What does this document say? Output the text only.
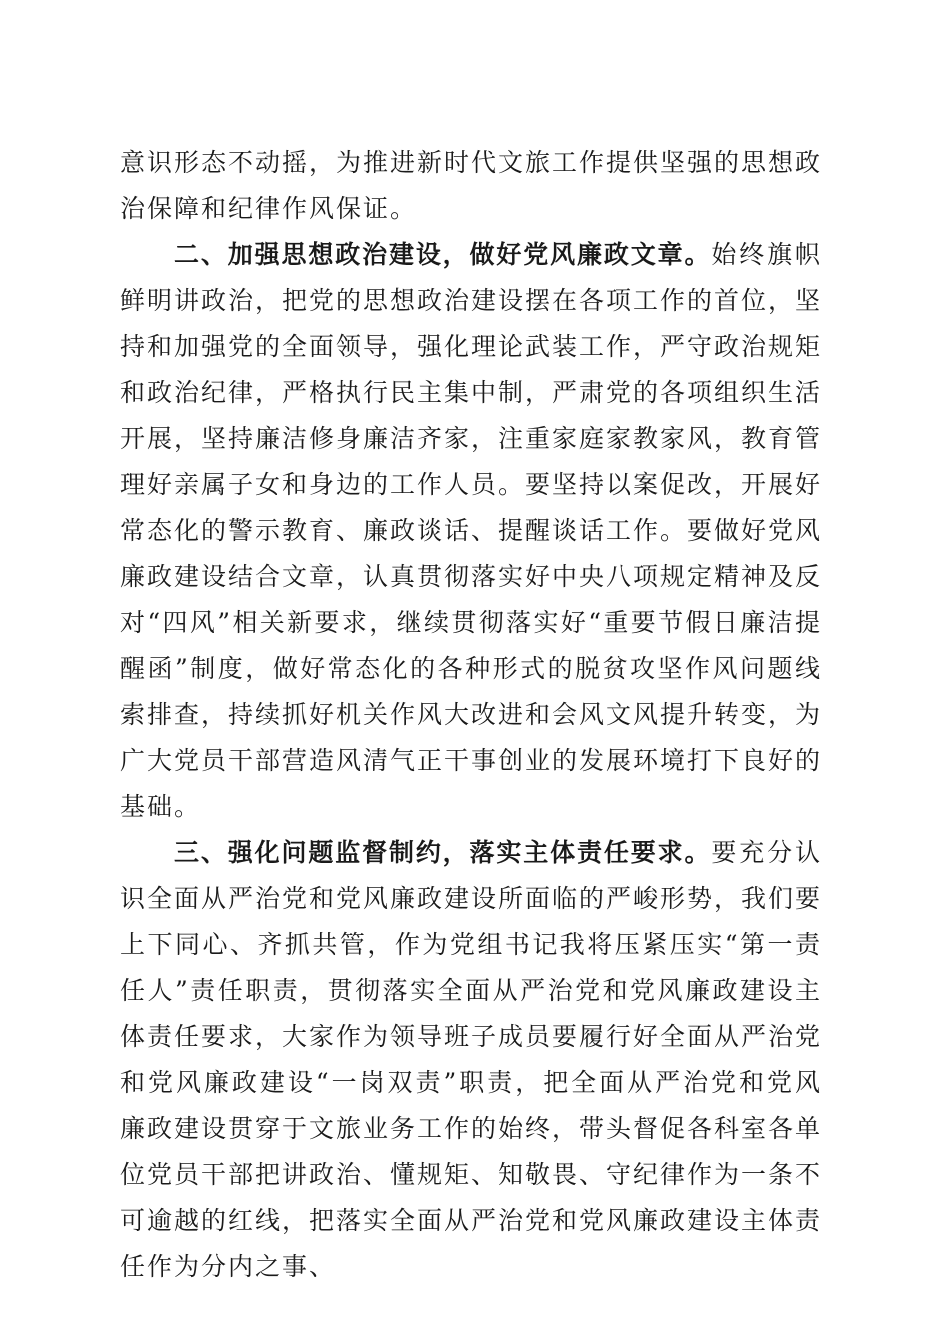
意识形态不动摇，为推进新时代文旅工作提供坚强的思想政治保障和纪律作风保证。

二、加强思想政治建设，做好党风廉政文章。始终旗帜鲜明讲政治，把党的思想政治建设摆在各项工作的首位，坚持和加强党的全面领导，强化理论武装工作，严守政治规矩和政治纪律，严格执行民主集中制，严肃党的各项组织生活开展，坚持廉洁修身廉洁齐家，注重家庭家教家风，教育管理好亲属子女和身边的工作人员。要坚持以案促改，开展好常态化的警示教育、廉政谈话、提醒谈话工作。要做好党风廉政建设结合文章，认真贯彻落实好中央八项规定精神及反对“四风”相关新要求，继续贯彻落实好“重要节假日廉洁提醒函”制度，做好常态化的各种形式的脱贫攻坚作风问题线索排查，持续抓好机关作风大改进和会风文风提升转变，为广大党员干部营造风清气正干事创业的发展环境打下良好的基础。

三、强化问题监督制约，落实主体责任要求。要充分认识全面从严治党和党风廉政建设所面临的严峻形势，我们要上下同心、齐抓共管，作为党组书记我将压紧压实“第一责任人”责任职责，贯彻落实全面从严治党和党风廉政建设主体责任要求，大家作为领导班子成员要履行好全面从严治党和党风廉政建设“一岗双责”职责，把全面从严治党和党风廉政建设贯穿于文旅业务工作的始终，带头督促各科室各单位党员干部把讲政治、懂规矩、知敬畏、守纪律作为一条不可逾越的红线，把落实全面从严治党和党风廉政建设主体责任作为分内之事、
